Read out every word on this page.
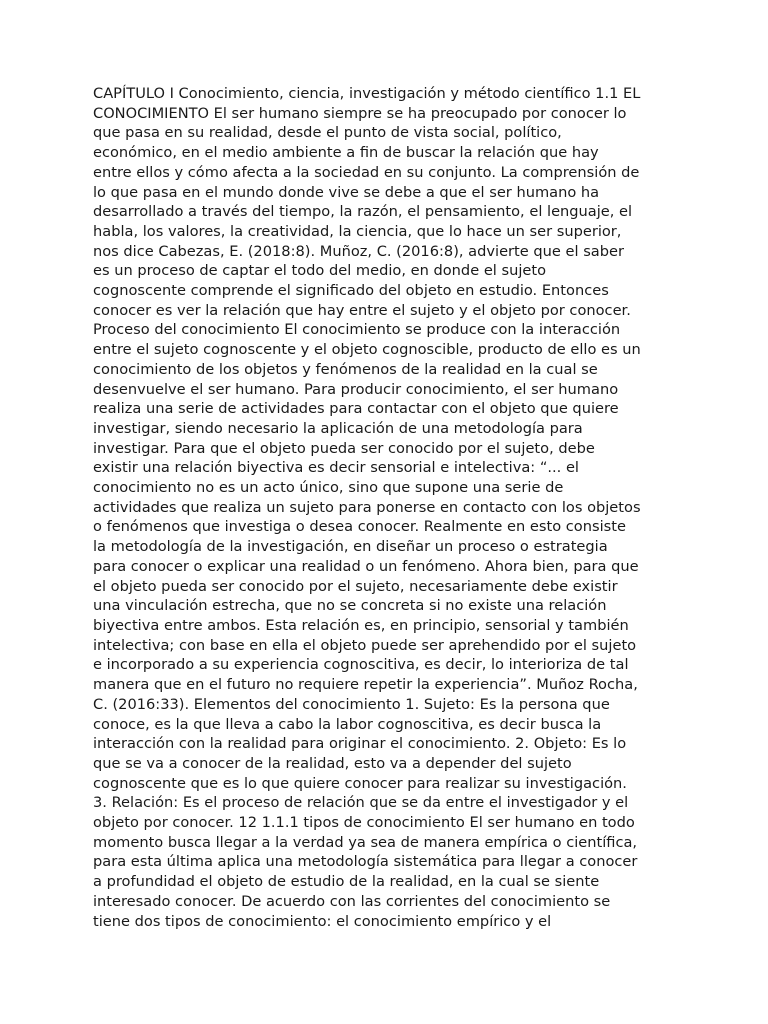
CAPÍTULO I Conocimiento, ciencia, investigación y método científico 1.1 EL
CONOCIMIENTO El ser humano siempre se ha preocupado por conocer lo
que pasa en su realidad, desde el punto de vista social, político,
económico, en el medio ambiente a fin de buscar la relación que hay
entre ellos y cómo afecta a la sociedad en su conjunto. La comprensión de
lo que pasa en el mundo donde vive se debe a que el ser humano ha
desarrollado a través del tiempo, la razón, el pensamiento, el lenguaje, el
habla, los valores, la creatividad, la ciencia, que lo hace un ser superior,
nos dice Cabezas, E. (2018:8). Muñoz, C. (2016:8), advierte que el saber
es un proceso de captar el todo del medio, en donde el sujeto
cognoscente comprende el significado del objeto en estudio. Entonces
conocer es ver la relación que hay entre el sujeto y el objeto por conocer.
Proceso del conocimiento El conocimiento se produce con la interacción
entre el sujeto cognoscente y el objeto cognoscible, producto de ello es un
conocimiento de los objetos y fenómenos de la realidad en la cual se
desenvuelve el ser humano. Para producir conocimiento, el ser humano
realiza una serie de actividades para contactar con el objeto que quiere
investigar, siendo necesario la aplicación de una metodología para
investigar. Para que el objeto pueda ser conocido por el sujeto, debe
existir una relación biyectiva es decir sensorial e intelectiva: “... el
conocimiento no es un acto único, sino que supone una serie de
actividades que realiza un sujeto para ponerse en contacto con los objetos
o fenómenos que investiga o desea conocer. Realmente en esto consiste
la metodología de la investigación, en diseñar un proceso o estrategia
para conocer o explicar una realidad o un fenómeno. Ahora bien, para que
el objeto pueda ser conocido por el sujeto, necesariamente debe existir
una vinculación estrecha, que no se concreta si no existe una relación
biyectiva entre ambos. Esta relación es, en principio, sensorial y también
intelectiva; con base en ella el objeto puede ser aprehendido por el sujeto
e incorporado a su experiencia cognoscitiva, es decir, lo interioriza de tal
manera que en el futuro no requiere repetir la experiencia”. Muñoz Rocha,
C. (2016:33). Elementos del conocimiento 1. Sujeto: Es la persona que
conoce, es la que lleva a cabo la labor cognoscitiva, es decir busca la
interacción con la realidad para originar el conocimiento. 2. Objeto: Es lo
que se va a conocer de la realidad, esto va a depender del sujeto
cognoscente que es lo que quiere conocer para realizar su investigación.
3. Relación: Es el proceso de relación que se da entre el investigador y el
objeto por conocer. 12 1.1.1 tipos de conocimiento El ser humano en todo
momento busca llegar a la verdad ya sea de manera empírica o científica,
para esta última aplica una metodología sistemática para llegar a conocer
a profundidad el objeto de estudio de la realidad, en la cual se siente
interesado conocer. De acuerdo con las corrientes del conocimiento se
tiene dos tipos de conocimiento: el conocimiento empírico y el
